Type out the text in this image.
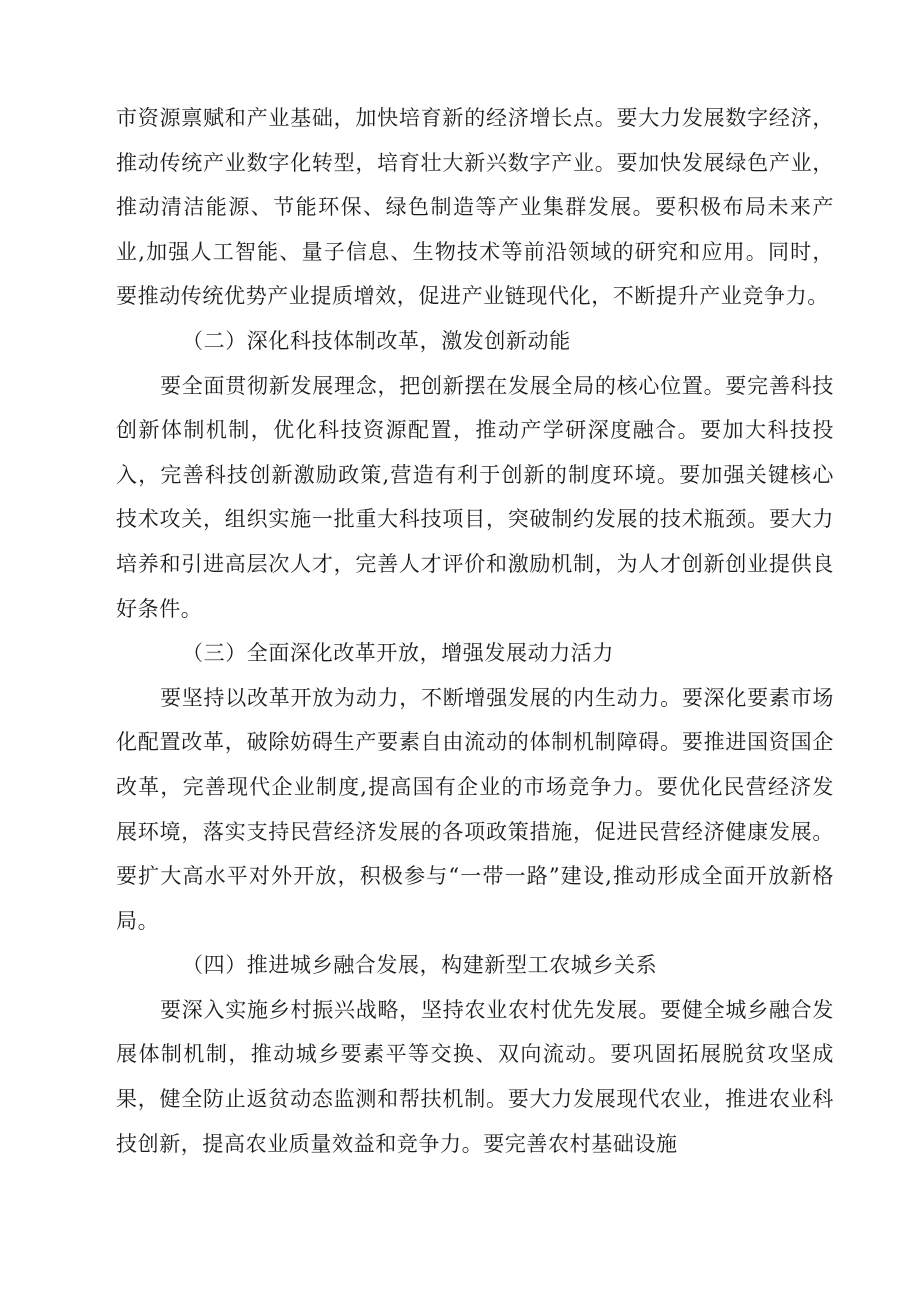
市资源禀赋和产业基础，加快培育新的经济增长点。要大力发展数字经济，推动传统产业数字化转型，培育壮大新兴数字产业。要加快发展绿色产业，推动清洁能源、节能环保、绿色制造等产业集群发展。要积极布局未来产业,加强人工智能、量子信息、生物技术等前沿领域的研究和应用。同时，要推动传统优势产业提质增效，促进产业链现代化，不断提升产业竞争力。

（二）深化科技体制改革，激发创新动能

要全面贯彻新发展理念，把创新摆在发展全局的核心位置。要完善科技创新体制机制，优化科技资源配置，推动产学研深度融合。要加大科技投入，完善科技创新激励政策,营造有利于创新的制度环境。要加强关键核心技术攻关，组织实施一批重大科技项目，突破制约发展的技术瓶颈。要大力培养和引进高层次人才，完善人才评价和激励机制，为人才创新创业提供良好条件。

（三）全面深化改革开放，增强发展动力活力

要坚持以改革开放为动力，不断增强发展的内生动力。要深化要素市场化配置改革，破除妨碍生产要素自由流动的体制机制障碍。要推进国资国企改革，完善现代企业制度,提高国有企业的市场竞争力。要优化民营经济发展环境，落实支持民营经济发展的各项政策措施，促进民营经济健康发展。要扩大高水平对外开放，积极参与“一带一路”建设,推动形成全面开放新格局。

（四）推进城乡融合发展，构建新型工农城乡关系

要深入实施乡村振兴战略，坚持农业农村优先发展。要健全城乡融合发展体制机制，推动城乡要素平等交换、双向流动。要巩固拓展脱贫攻坚成果，健全防止返贫动态监测和帮扶机制。要大力发展现代农业，推进农业科技创新，提高农业质量效益和竞争力。要完善农村基础设施
